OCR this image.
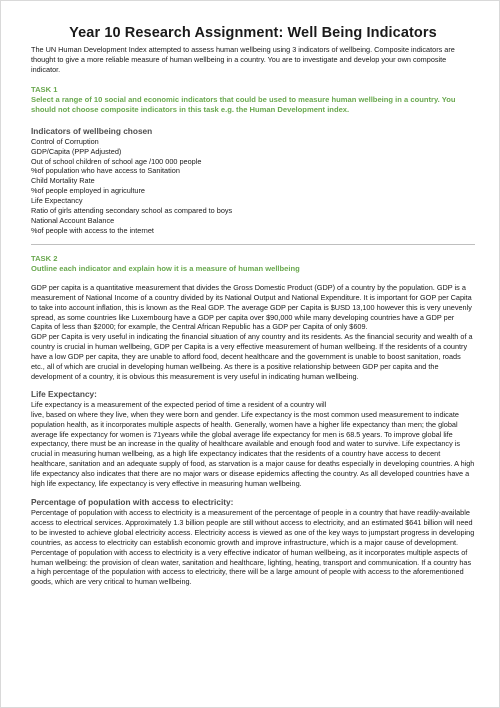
Year 10 Research Assignment: Well Being Indicators

The UN Human Development Index attempted to assess human wellbeing using 3 indicators of wellbeing. Composite indicators are thought to give a more reliable measure of human wellbeing in a country. You are to investigate and develop your own composite indicator.

TASK 1

Select a range of 10 social and economic indicators that could be used to measure human wellbeing in a country. You should not choose composite indicators in this task e.g. the Human Development index.

Indicators of wellbeing chosen

Control of Corruption

GDP/Capita (PPP Adjusted)

Out of school children of school age /100 000 people

%of population who have access to Sanitation

Child Mortality Rate

%of people employed in agriculture

Life Expectancy

Ratio of girls attending secondary school as compared to boys

National Account Balance

%of people with access to the internet

TASK 2

Outline each indicator and explain how it is a measure of human wellbeing

GDP per capita is a quantitative measurement that divides the Gross Domestic Product (GDP) of a country by the population. GDP is a measurement of National Income of a country divided by its National Output and National Expenditure. It is important for GOP per Capita to take into account inflation, this is known as the Real GDP. The average GDP per Capita is $USD 13,100 however this is very unevenly spread, as some countries like Luxembourg have a GDP per capita over $90,000 while many developing countries have a GDP per Capita of less than $2000; for example, the Central African Republic has a GDP per Capita of only $609.

GDP per Capita is very useful in indicating the financial situation of any country and its residents. As the financial security and wealth of a country is crucial in human wellbeing, GDP per Capita is a very effective measurement of human wellbeing. If the residents of a country have a low GDP per capita, they are unable to afford food, decent healthcare and the government is unable to boost sanitation, roads etc., all of which are crucial in developing human wellbeing. As there is a positive relationship between GDP per capita and the development of a country, it is obvious this measurement is very useful in indicating human wellbeing.

Life Expectancy:

Life expectancy is a measurement of the expected period of time a resident of a country will

live, based on where they live, when they were born and gender. Life expectancy is the most common used measurement to indicate population health, as it incorporates multiple aspects of health. Generally, women have a higher life expectancy than men; the global average life expectancy for women is 71years while the global average life expectancy for men is 68.5 years. To improve global life expectancy, there must be an increase in the quality of healthcare available and enough food and water to survive. Life expectancy is crucial in measuring human wellbeing, as a high life expectancy indicates that the residents of a country have access to decent healthcare, sanitation and an adequate supply of food, as starvation is a major cause for deaths especially in developing countries. A high life expectancy also indicates that there are no major wars or disease epidemics affecting the country. As all developed countries have a high life expectancy, life expectancy is very effective in measuring human wellbeing.

Percentage of population with access to electricity:

Percentage of population with access to electricity is a measurement of the percentage of people in a country that have readily-available access to electrical services. Approximately 1.3 billion people are still without access to electricity, and an estimated $641 billion will need to be invested to achieve global electricity access. Electricity access is viewed as one of the key ways to jumpstart progress in developing countries, as access to electricity can establish economic growth and improve infrastructure, which is a major cause of development.

Percentage of population with access to electricity is a very effective indicator of human wellbeing, as it incorporates multiple aspects of human wellbeing: the provision of clean water, sanitation and healthcare, lighting, heating, transport and communication. If a country has a high percentage of the population with access to electricity, there will be a large amount of people with access to the aforementioned goods, which are very critical to human wellbeing.
